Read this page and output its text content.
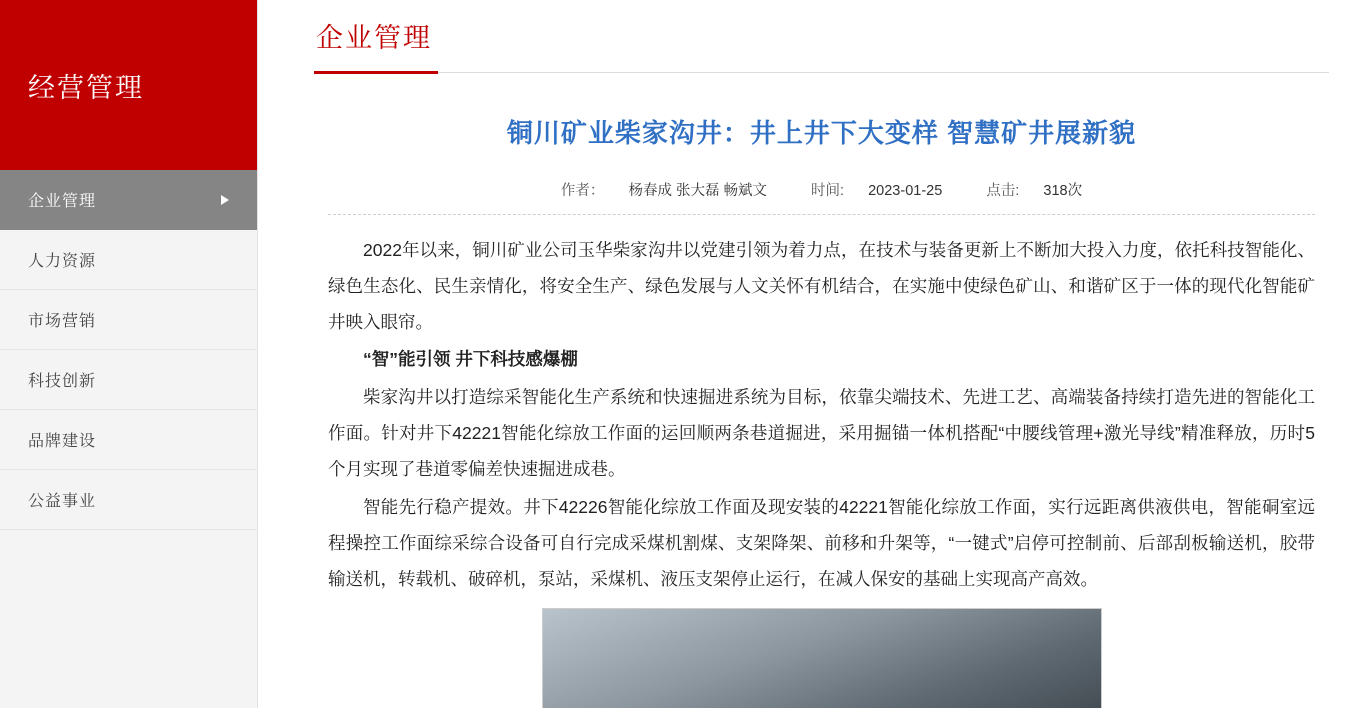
经营管理
企业管理
人力资源
市场营销
科技创新
品牌建设
公益事业
企业管理
铜川矿业柴家沟井：井上井下大变样 智慧矿井展新貌
作者： 杨春成 张大磊 畅斌文	时间: 2023-01-25	点击: 318次

2022年以来，铜川矿业公司玉华柴家沟井以党建引领为着力点，在技术与装备更新上不断加大投入力度，依托科技智能化、绿色生态化、民生亲情化，将安全生产、绿色发展与人文关怀有机结合，在实施中使绿色矿山、和谐矿区于一体的现代化智能矿井映入眼帘。

“智”能引领 井下科技感爆棚

柴家沟井以打造综采智能化生产系统和快速掘进系统为目标，依靠尖端技术、先进工艺、高端装备持续打造先进的智能化工作面。针对井下42221智能化综放工作面的运回顺两条巷道掘进，采用掘锚一体机搭配“中腰线管理+激光导线”精准释放，历时5个月实现了巷道零偏差快速掘进成巷。

智能先行稳产提效。井下42226智能化综放工作面及现安装的42221智能化综放工作面，实行远距离供液供电，智能硐室远程操控工作面综采综合设备可自行完成采煤机割煤、支架降架、前移和升架等，“一键式”启停可控制前、后部刮板输送机，胶带输送机，转载机、破碎机，泵站，采煤机、液压支架停止运行，在减人保安的基础上实现高产高效。
